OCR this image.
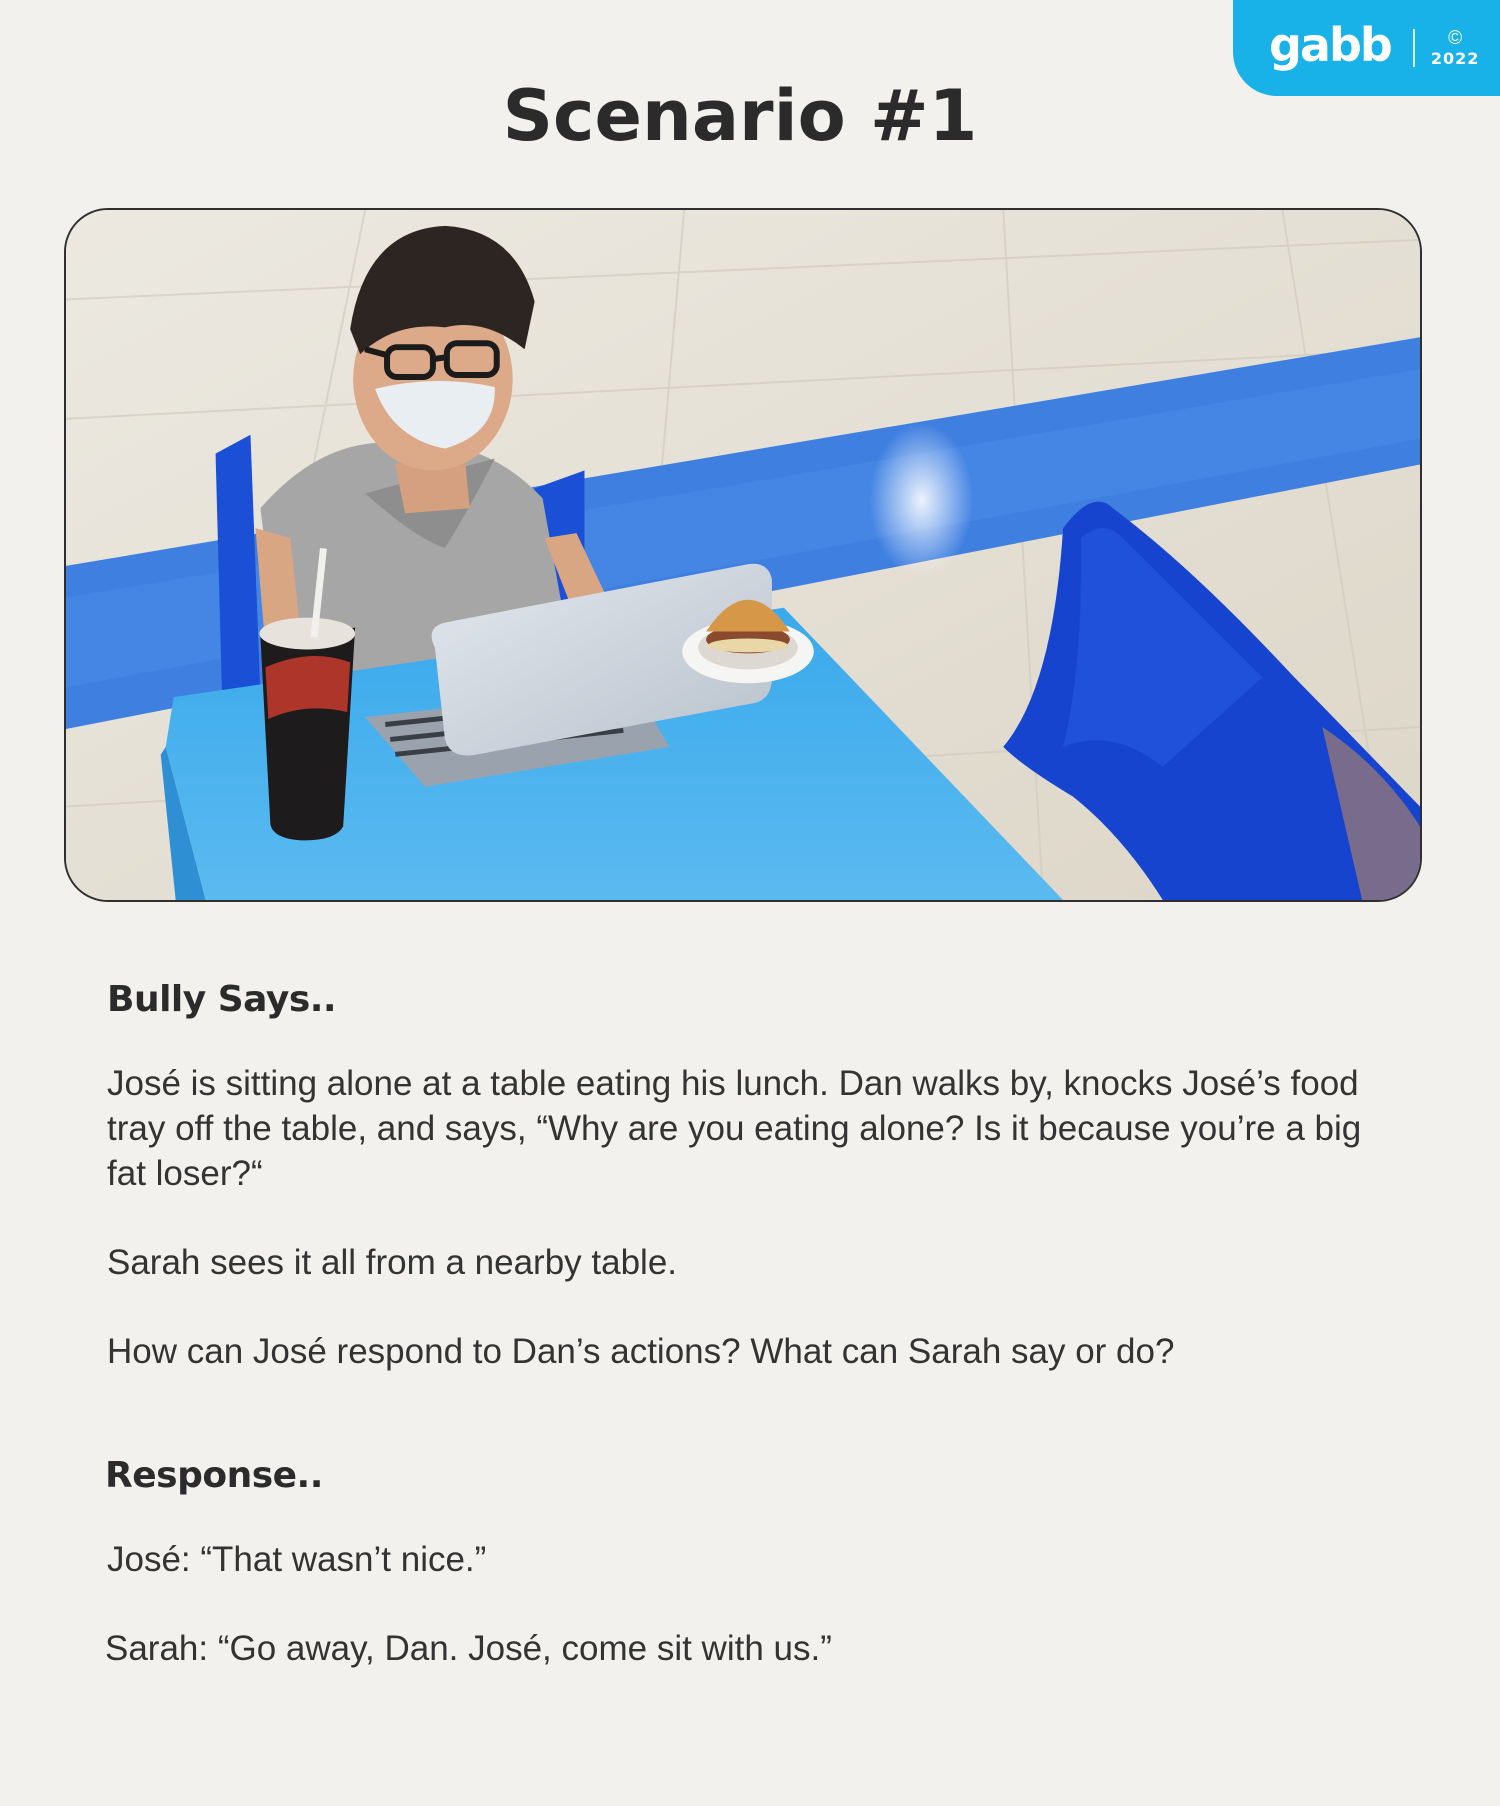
gabb	©
2022
Scenario #1
Bully Says..

José is sitting alone at a table eating his lunch. Dan walks by, knocks José’s food tray off the table, and says, “Why are you eating alone? Is it because you’re a big fat loser?“

Sarah sees it all from a nearby table.

How can José respond to Dan’s actions? What can Sarah say or do?

Response..

José: “That wasn’t nice.”

Sarah: “Go away, Dan. José, come sit with us.”
